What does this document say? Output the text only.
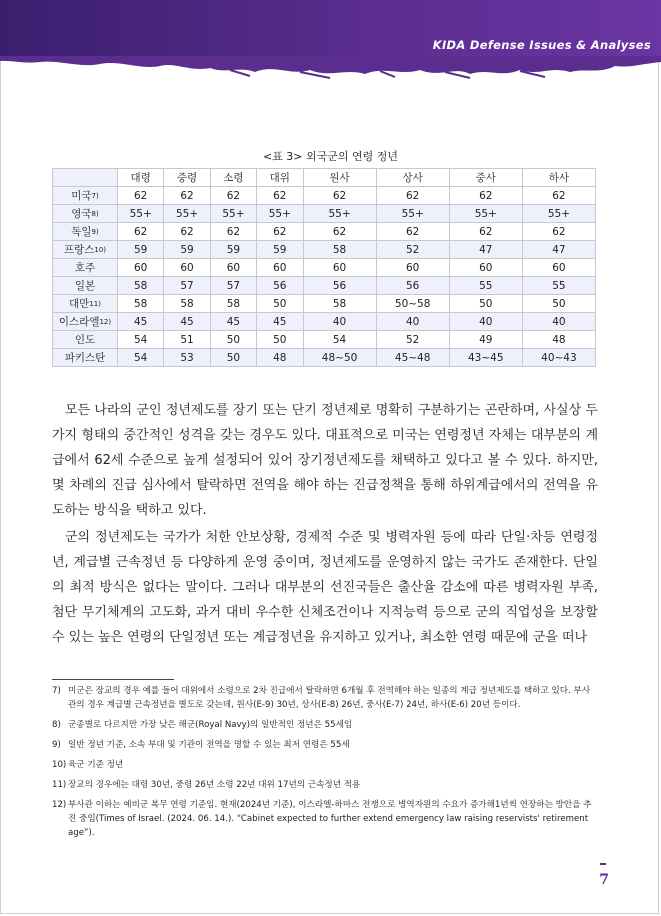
KIDA Defense Issues & Analyses
<표 3> 외국군의 연령 정년
	대령	중령	소령	대위	원사	상사	중사	하사
미국$^{7)}$	62	62	62	62	62	62	62	62
영국$^{8)}$	55+	55+	55+	55+	55+	55+	55+	55+
독일$^{9)}$	62	62	62	62	62	62	62	62
프랑스$^{10)}$	59	59	59	59	58	52	47	47
호주	60	60	60	60	60	60	60	60
일본	58	57	57	56	56	56	55	55
대만$^{11)}$	58	58	58	50	58	50~58	50	50
이스라엘$^{12)}$	45	45	45	45	40	40	40	40
인도	54	51	50	50	54	52	49	48
파키스탄	54	53	50	48	48~50	45~48	43~45	40~43

모든 나라의 군인 정년제도를 장기 또는 단기 정년제로 명확히 구분하기는 곤란하며, 사실상 두 가지 형태의 중간적인 성격을 갖는 경우도 있다. 대표적으로 미국는 연령정년 자체는 대부분의 계급에서 62세 수준으로 높게 설정되어 있어 장기정년제도를 채택하고 있다고 볼 수 있다. 하지만, 몇 차례의 진급 심사에서 탈락하면 전역을 해야 하는 진급정책을 통해 하위계급에서의 전역을 유도하는 방식을 택하고 있다.

군의 정년제도는 국가가 처한 안보상황, 경제적 수준 및 병력자원 등에 따라 단일·차등 연령정년, 계급별 근속정년 등 다양하게 운영 중이며, 정년제도를 운영하지 않는 국가도 존재한다. 단일의 최적 방식은 없다는 말이다. 그러나 대부분의 선진국들은 출산율 감소에 따른 병력자원 부족, 첨단 무기체계의 고도화, 과거 대비 우수한 신체조건이나 지적능력 등으로 군의 직업성을 보장할 수 있는 높은 연령의 단일정년 또는 계급정년을 유지하고 있거나, 최소한 연령 때문에 군을 떠나

7) 미군은 장교의 경우 예를 들어 대위에서 소령으로 2차 진급에서 탈락하면 6개월 후 전역해야 하는 일종의 계급 정년제도를 택하고 있다. 부사관의 경우 계급별 근속정년을 별도로 갖는데, 원사(E-9) 30년, 상사(E-8) 26년, 중사(E-7) 24년, 하사(E-6) 20년 등이다.
8) 군종별로 다르지만 가장 낮은 해군(Royal Navy)의 일반적인 정년은 55세임
9) 일반 정년 기준, 소속 부대 및 기관이 전역을 명할 수 있는 최저 연령은 55세
10) 육군 기준 정년
11) 장교의 경우에는 대령 30년, 중령 26년 소령 22년 대위 17년의 근속정년 적용
12) 부사관 이하는 예비군 복무 연령 기준임. 현재(2024년 기준), 이스라엘-하마스 전쟁으로 병역자원의 수요가 증가해1년씩 연장하는 방안을 추진 중임(Times of Israel. (2024. 06. 14.). “Cabinet expected to further extend emergency law raising reservists' retirement age”).
7
